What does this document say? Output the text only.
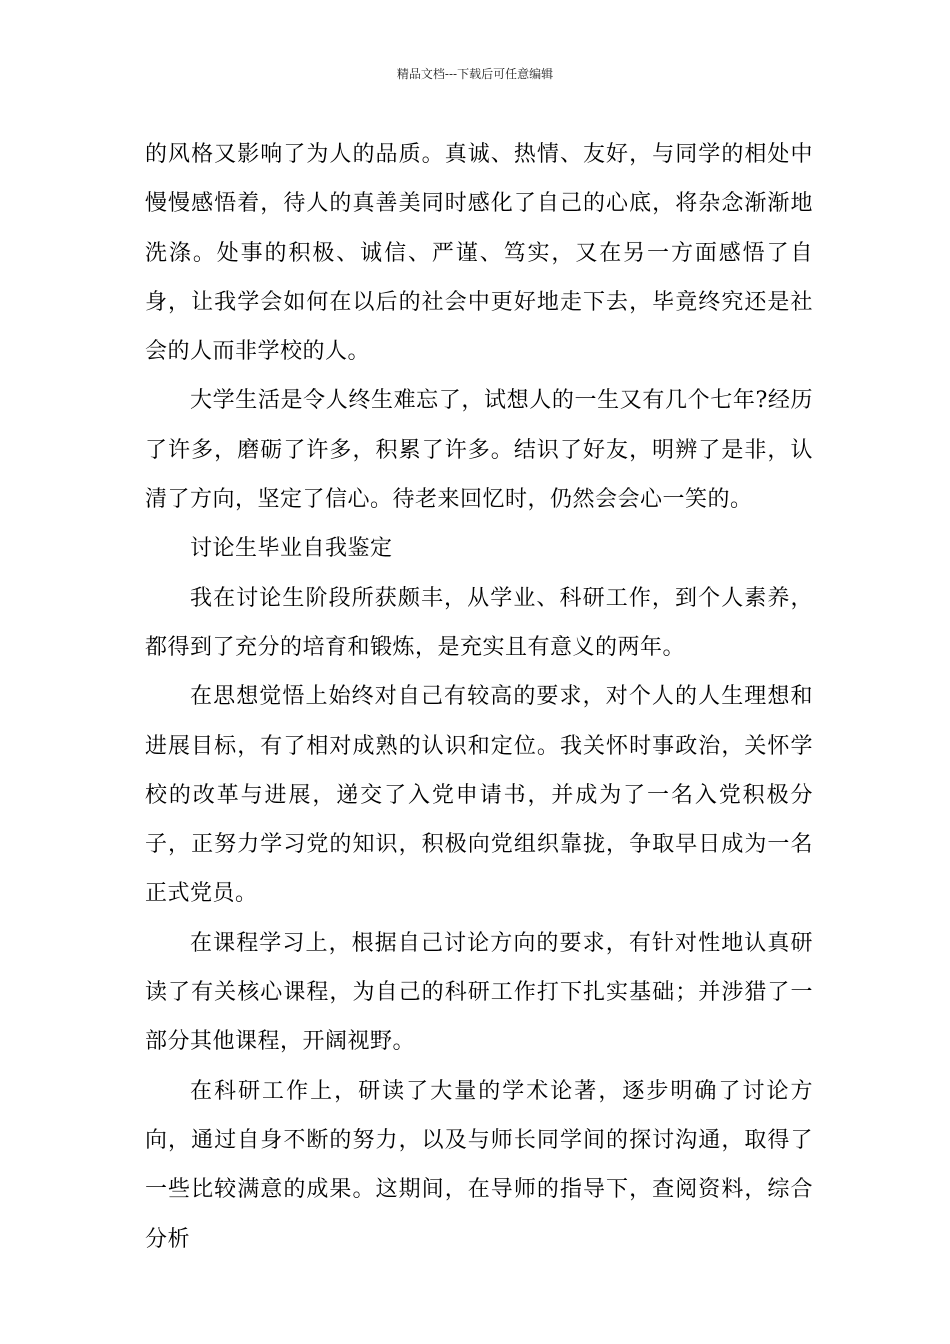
精品文档---下载后可任意编辑

的风格又影响了为人的品质。真诚、热情、友好，与同学的相处中慢慢感悟着，待人的真善美同时感化了自己的心底，将杂念渐渐地洗涤。处事的积极、诚信、严谨、笃实，又在另一方面感悟了自身，让我学会如何在以后的社会中更好地走下去，毕竟终究还是社会的人而非学校的人。

大学生活是令人终生难忘了，试想人的一生又有几个七年?经历了许多，磨砺了许多，积累了许多。结识了好友，明辨了是非，认清了方向，坚定了信心。待老来回忆时，仍然会会心一笑的。

讨论生毕业自我鉴定

我在讨论生阶段所获颇丰，从学业、科研工作，到个人素养，都得到了充分的培育和锻炼，是充实且有意义的两年。

在思想觉悟上始终对自己有较高的要求，对个人的人生理想和进展目标，有了相对成熟的认识和定位。我关怀时事政治，关怀学校的改革与进展，递交了入党申请书，并成为了一名入党积极分子，正努力学习党的知识，积极向党组织靠拢，争取早日成为一名正式党员。

在课程学习上，根据自己讨论方向的要求，有针对性地认真研读了有关核心课程，为自己的科研工作打下扎实基础；并涉猎了一部分其他课程，开阔视野。

在科研工作上，研读了大量的学术论著，逐步明确了讨论方向，通过自身不断的努力，以及与师长同学间的探讨沟通，取得了一些比较满意的成果。这期间，在导师的指导下，查阅资料，综合分析
